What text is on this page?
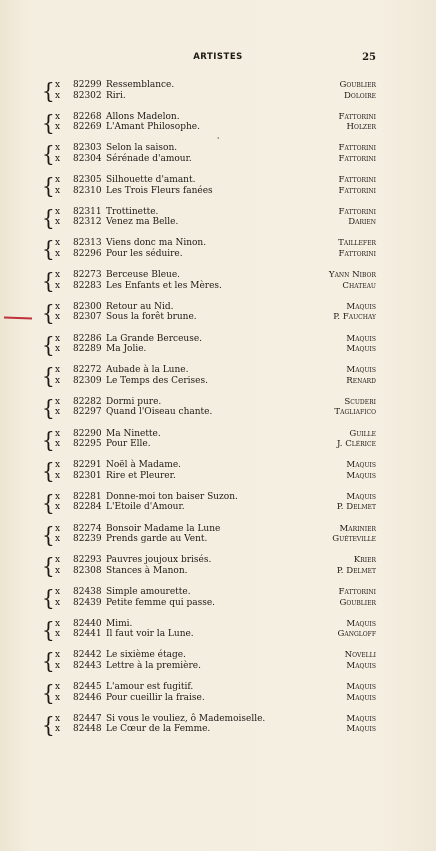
ARTISTES	25
ˌ
{ x 82299 Ressemblance.	Goublier
x 82302 Riri.	Doloire
{ x 82268 Allons Madelon.	Fattorini
x 82269 L'Amant Philosophe.	Holzer
{ x 82303 Selon la saison.	Fattorini
x 82304 Sérénade d'amour.	Fattorini
{ x 82305 Silhouette d'amant.	Fattorini
x 82310 Les Trois Fleurs fanées	Fattorini
{ x 82311 Trottinette.	Fattorini
x 82312 Venez ma Belle.	Darien
{ x 82313 Viens donc ma Ninon.	Taillefer
x 82296 Pour les séduire.	Fattorini
{ x 82273 Berceuse Bleue.	Yann Nibor
x 82283 Les Enfants et les Mères.	Chateau
{ x 82300 Retour au Nid.	Maquis
x 82307 Sous la forêt brune.	P. Fauchay
{ x 82286 La Grande Berceuse.	Maquis
x 82289 Ma Jolie.	Maquis
{ x 82272 Aubade à la Lune.	Maquis
x 82309 Le Temps des Cerises.	Renard
{ x 82282 Dormi pure.	Scuderi
x 82297 Quand l'Oiseau chante.	Tagliafico
{ x 82290 Ma Ninette.	Guille
x 82295 Pour Elle.	J. Clérice
{ x 82291 Noël à Madame.	Maquis
x 82301 Rire et Pleurer.	Maquis
{ x 82281 Donne-moi ton baiser Suzon.	Maquis
x 82284 L'Etoile d'Amour.	P. Delmet
{ x 82274 Bonsoir Madame la Lune	Marinier
x 82239 Prends garde au Vent.	Guéteville
{ x 82293 Pauvres joujoux brisés.	Krier
x 82308 Stances à Manon.	P. Delmet
{ x 82438 Simple amourette.	Fattorini
x 82439 Petite femme qui passe.	Goublier
{ x 82440 Mimi.	Maquis
x 82441 Il faut voir la Lune.	Gangloff
{ x 82442 Le sixième étage.	Novelli
x 82443 Lettre à la première.	Maquis
{ x 82445 L'amour est fugitif.	Maquis
x 82446 Pour cueillir la fraise.	Maquis
{ x 82447 Si vous le vouliez, ô Mademoiselle.	Maquis
x 82448 Le Cœur de la Femme.	Maquis
